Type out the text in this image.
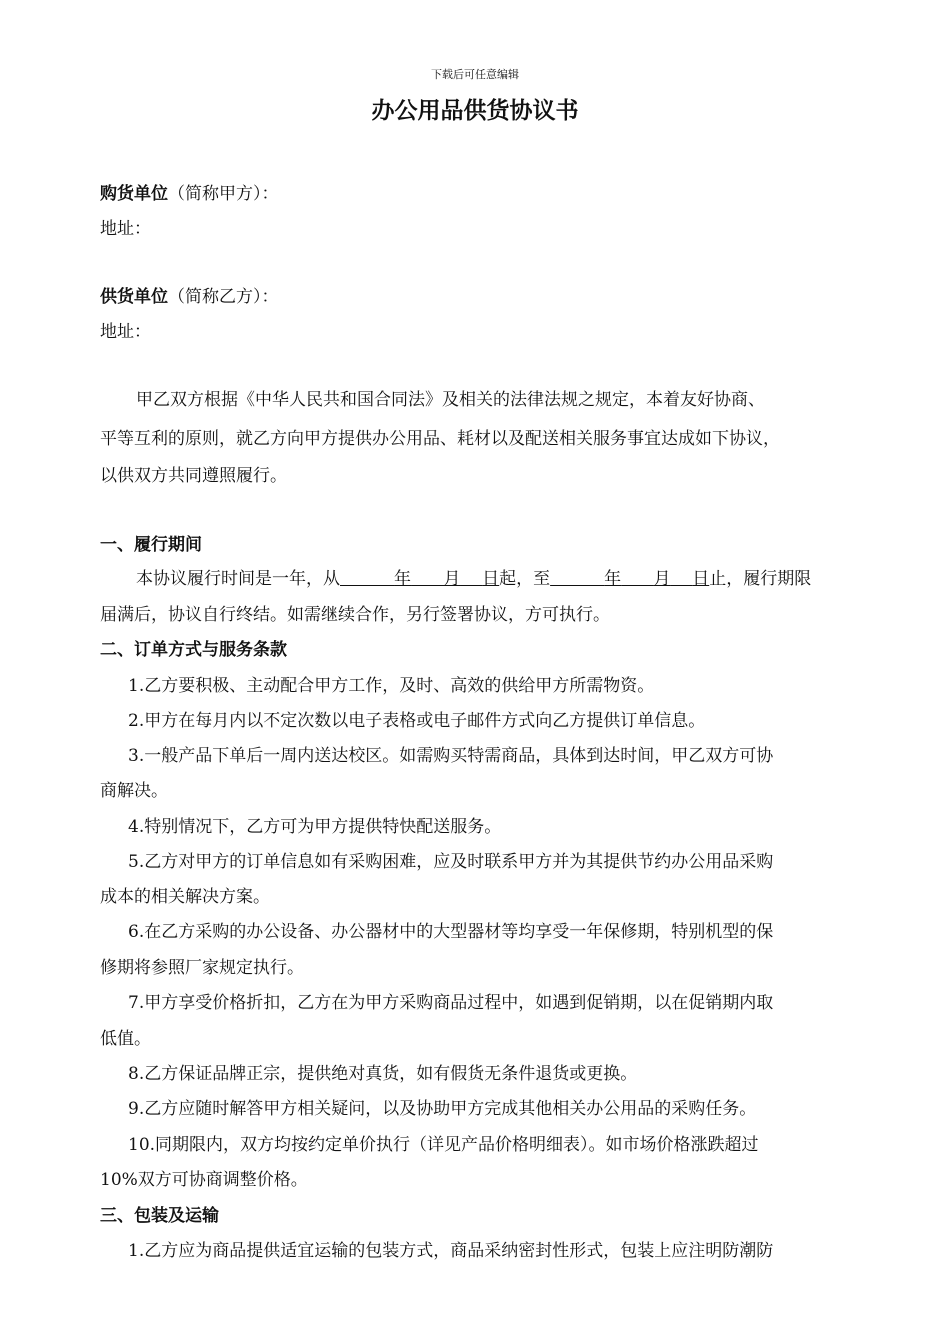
下载后可任意编辑
办公用品供货协议书
购货单位（简称甲方）：
地址：
供货单位（简称乙方）：
地址：
甲乙双方根据《中华人民共和国合同法》及相关的法律法规之规定，本着友好协商、
平等互利的原则，就乙方向甲方提供办公用品、耗材以及配送相关服务事宜达成如下协议，
以供双方共同遵照履行。
一、履行期间
本协议履行时间是一年，从	年 月 日起，至	年 月 日止，履行期限
届满后，协议自行终结。如需继续合作，另行签署协议，方可执行。
二、订单方式与服务条款
1.乙方要积极、主动配合甲方工作，及时、高效的供给甲方所需物资。
2.甲方在每月内以不定次数以电子表格或电子邮件方式向乙方提供订单信息。
3.一般产品下单后一周内送达校区。如需购买特需商品，具体到达时间，甲乙双方可协
商解决。
4.特别情况下，乙方可为甲方提供特快配送服务。
5.乙方对甲方的订单信息如有采购困难，应及时联系甲方并为其提供节约办公用品采购
成本的相关解决方案。
6.在乙方采购的办公设备、办公器材中的大型器材等均享受一年保修期，特别机型的保
修期将参照厂家规定执行。
7.甲方享受价格折扣，乙方在为甲方采购商品过程中，如遇到促销期，以在促销期内取
低值。
8.乙方保证品牌正宗，提供绝对真货，如有假货无条件退货或更换。
9.乙方应随时解答甲方相关疑问，以及协助甲方完成其他相关办公用品的采购任务。
10.同期限内，双方均按约定单价执行（详见产品价格明细表）。如市场价格涨跌超过
10%双方可协商调整价格。
三、包装及运输
1.乙方应为商品提供适宜运输的包装方式，商品采纳密封性形式，包装上应注明防潮防
